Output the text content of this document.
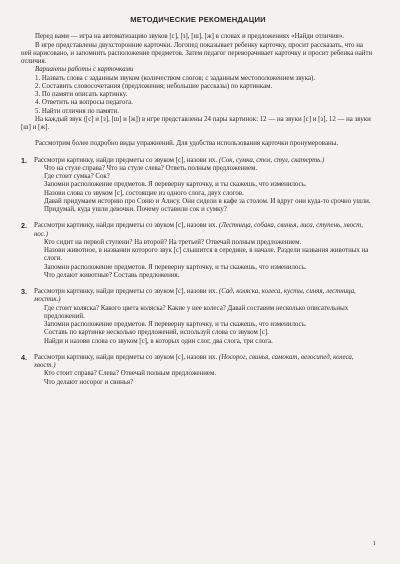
МЕТОДИЧЕСКИЕ РЕКОМЕНДАЦИИ

Перед вами — игра на автоматизацию звуков [с], [з], [ш], [ж] в словах и предложениях «Найди отличия».

В игре представлены двухсторонние карточки. Логопед показывает ребенку карточку, просит рассказать, что на ней нарисовано, и запомнить расположение предметов. Затем педагог переворачивает карточку и просит ребенка найти отличия.

Варианты работы с карточками

1. Назвать слова с заданным звуком (количеством слогов; с заданным местоположением звука).

2. Составить словосочетания (предложения; небольшие рассказы) по картинкам.

3. По памяти описать картинку.

4. Ответить на вопросы педагога.

5. Найти отличия по памяти.

На каждый звук ([с] и [з], [ш] и [ж]) в игре представлены 24 пары картинок: 12 — на звуки [с] и [з], 12 — на звуки [ш] и [ж].

Рассмотрим более подробно виды упражнений. Для удобства использования карточки пронумерованы.

1.	Рассмотри картинку, найди предметы со звуком [с], назови их. (Сок, сумка, стол, стул, скатерть.)

Что на стуле справа? Что на стуле слева? Ответь полным предложением.

Где стоит сумка? Сок?

Запомни расположение предметов. Я переверну карточку, и ты скажешь, что изменилось.

Назови слова со звуком [с], состоящие из одного слога, двух слогов.

Давай придумаем историю про Соню и Алису. Они сидели в кафе за столом. И вдруг они куда-то срочно ушли. Придумай, куда ушли девочки. Почему оставили сок и сумку?

2.	Рассмотри картинку, найди предметы со звуком [с], назови их. (Лестница, собака, свинья, лиса, ступень, хвост, нос.)

Кто сидит на первой ступени? На второй? На третьей? Отвечай полным предложением.

Назови животное, в названии которого звук [с] слышится в середине, в начале. Раздели названия животных на слоги.

Запомни расположение предметов. Я переверну карточку, и ты скажешь, что изменилось.

Что делают животные? Составь предложения.

3.	Рассмотри картинку, найди предметы со звуком [с], назови их. (Сад, коляска, колеса, кусты, синяя, лестница, мостик.)

Где стоит коляска? Какого цвета коляска? Какие у нее колеса? Давай составим несколько описательных предложений.

Запомни расположение предметов. Я переверну карточку, и ты скажешь, что изменилось.

Составь по картинке несколько предложений, используй слова со звуком [с].

Найди и назови слова со звуком [с], в которых один слог, два слога, три слога.

4.	Рассмотри картинку, найди предметы со звуком [с], назови их. (Носорог, свинья, самокат, велосипед, колеса, хвост.)

Кто стоит справа? Слева? Отвечай полным предложением.

Что делают носорог и свинья?

1
